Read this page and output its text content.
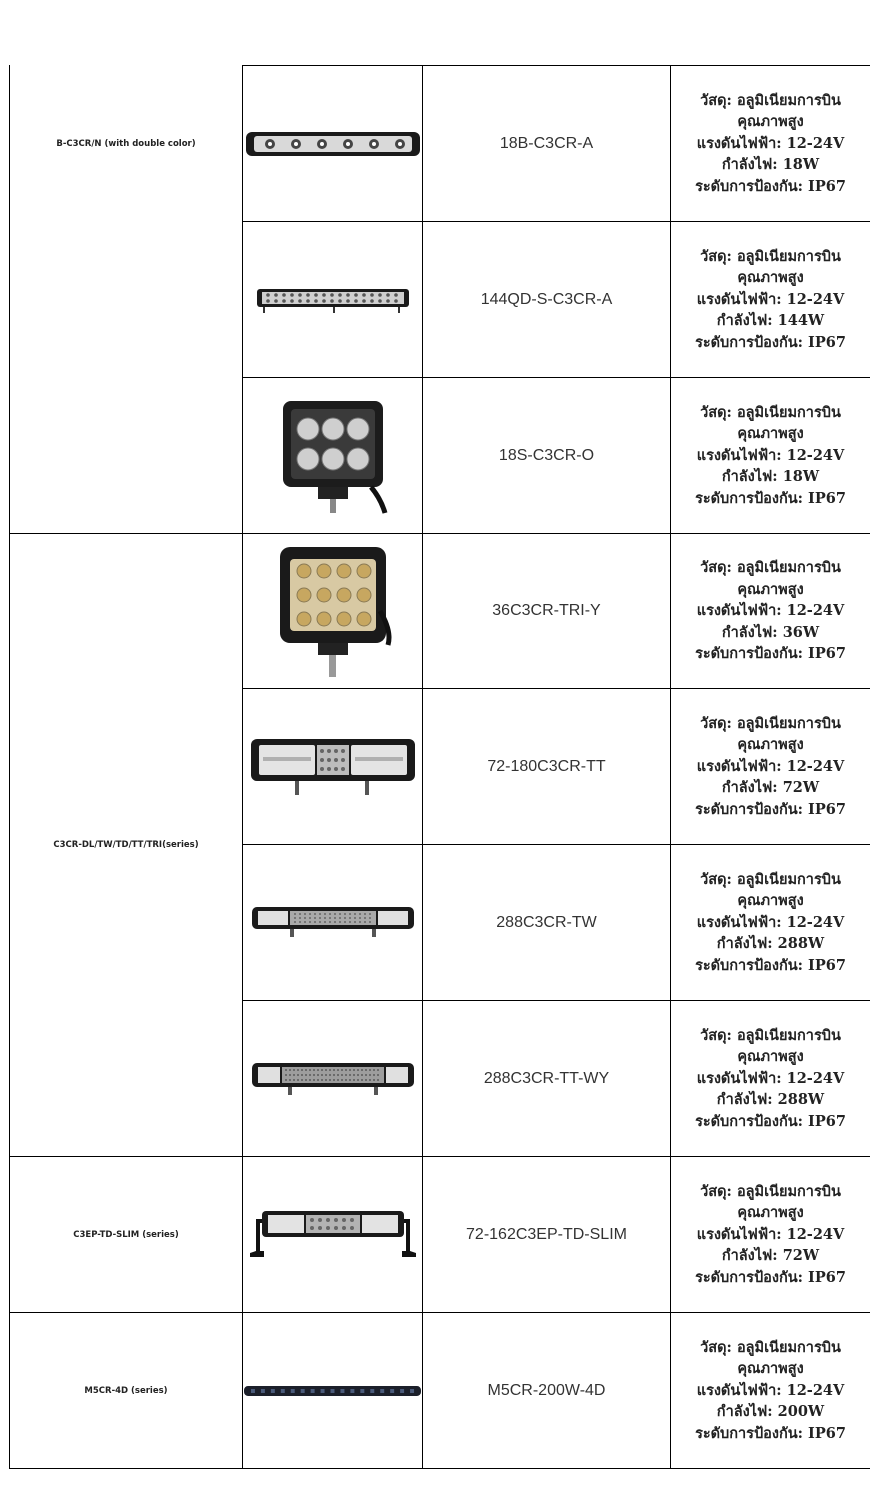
B-C3CR/N (with double color)
C3CR-DL/TW/TD/TT/TRI(series)
C3EP-TD-SLIM (series)
M5CR-4D (series)
18B-C3CR-A
วัสดุ: อลูมิเนียมการบิน
คุณภาพสูง
แรงดันไฟฟ้า: 12-24V
กำลังไฟ: 18W
ระดับการป้องกัน: IP67
144QD-S-C3CR-A
วัสดุ: อลูมิเนียมการบิน
คุณภาพสูง
แรงดันไฟฟ้า: 12-24V
กำลังไฟ: 144W
ระดับการป้องกัน: IP67
18S-C3CR-O
วัสดุ: อลูมิเนียมการบิน
คุณภาพสูง
แรงดันไฟฟ้า: 12-24V
กำลังไฟ: 18W
ระดับการป้องกัน: IP67
36C3CR-TRI-Y
วัสดุ: อลูมิเนียมการบิน
คุณภาพสูง
แรงดันไฟฟ้า: 12-24V
กำลังไฟ: 36W
ระดับการป้องกัน: IP67
72-180C3CR-TT
วัสดุ: อลูมิเนียมการบิน
คุณภาพสูง
แรงดันไฟฟ้า: 12-24V
กำลังไฟ: 72W
ระดับการป้องกัน: IP67
288C3CR-TW
วัสดุ: อลูมิเนียมการบิน
คุณภาพสูง
แรงดันไฟฟ้า: 12-24V
กำลังไฟ: 288W
ระดับการป้องกัน: IP67
288C3CR-TT-WY
วัสดุ: อลูมิเนียมการบิน
คุณภาพสูง
แรงดันไฟฟ้า: 12-24V
กำลังไฟ: 288W
ระดับการป้องกัน: IP67
72-162C3EP-TD-SLIM
วัสดุ: อลูมิเนียมการบิน
คุณภาพสูง
แรงดันไฟฟ้า: 12-24V
กำลังไฟ: 72W
ระดับการป้องกัน: IP67
M5CR-200W-4D
วัสดุ: อลูมิเนียมการบิน
คุณภาพสูง
แรงดันไฟฟ้า: 12-24V
กำลังไฟ: 200W
ระดับการป้องกัน: IP67
